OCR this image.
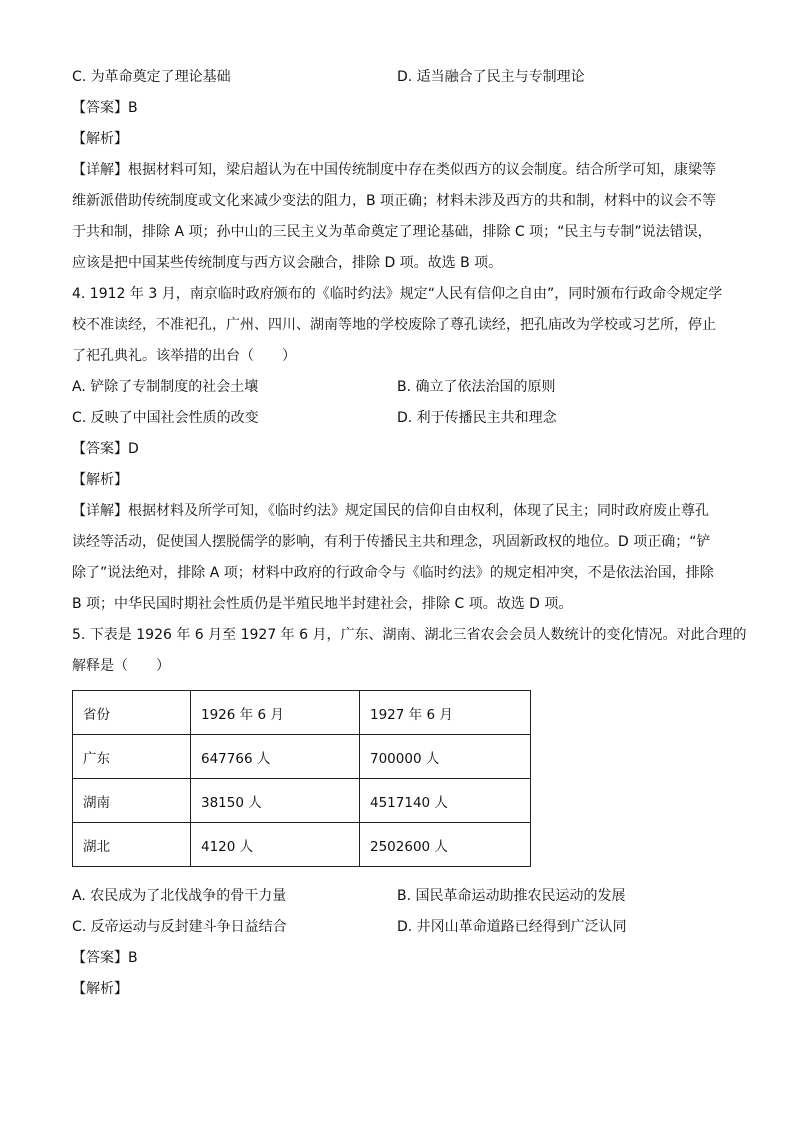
C. 为革命奠定了理论基础	D. 适当融合了民主与专制理论
【答案】B
【解析】
【详解】根据材料可知，梁启超认为在中国传统制度中存在类似西方的议会制度。结合所学可知，康梁等
维新派借助传统制度或文化来减少变法的阻力，B 项正确；材料未涉及西方的共和制，材料中的议会不等
于共和制，排除 A 项；孙中山的三民主义为革命奠定了理论基础，排除 C 项；“民主与专制”说法错误，
应该是把中国某些传统制度与西方议会融合，排除 D 项。故选 B 项。
4. 1912 年 3 月，南京临时政府颁布的《临时约法》规定“人民有信仰之自由”，同时颁布行政命令规定学
校不准读经，不准祀孔，广州、四川、湖南等地的学校废除了尊孔读经，把孔庙改为学校或习艺所，停止
了祀孔典礼。该举措的出台（　　）
A. 铲除了专制制度的社会土壤	B. 确立了依法治国的原则
C. 反映了中国社会性质的改变	D. 利于传播民主共和理念
【答案】D
【解析】
【详解】根据材料及所学可知，《临时约法》规定国民的信仰自由权利，体现了民主；同时政府废止尊孔
读经等活动，促使国人摆脱儒学的影响，有利于传播民主共和理念，巩固新政权的地位。D 项正确；“铲
除了”说法绝对，排除 A 项；材料中政府的行政命令与《临时约法》的规定相冲突，不是依法治国，排除
B 项；中华民国时期社会性质仍是半殖民地半封建社会，排除 C 项。故选 D 项。
5. 下表是 1926 年 6 月至 1927 年 6 月，广东、湖南、湖北三省农会会员人数统计的变化情况。对此合理的
解释是（　　）
省份	1926 年 6 月	1927 年 6 月
广东	647766 人	700000 人
湖南	38150 人	4517140 人
湖北	4120 人	2502600 人
A. 农民成为了北伐战争的骨干力量	B. 国民革命运动助推农民运动的发展
C. 反帝运动与反封建斗争日益结合	D. 井冈山革命道路已经得到广泛认同
【答案】B
【解析】
